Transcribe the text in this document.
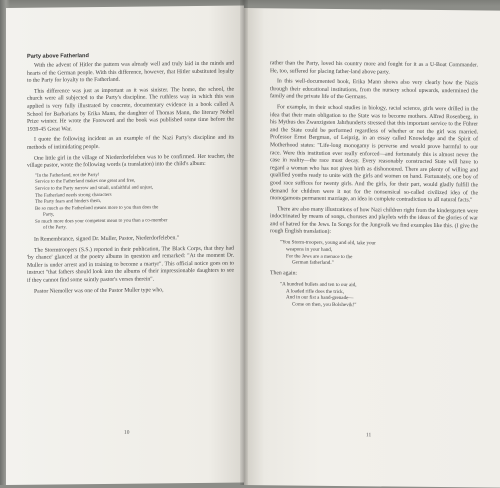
Party above Fatherland

With the advent of Hitler the pattern was already well and truly laid in the minds and hearts of the German people. With this difference, however, that Hitler substituted loyalty to the Party for loyalty to the Fatherland.

This difference was just as important as it was sinister. The home, the school, the church were all subjected to the Party's discipline. The ruthless way in which this was applied is very fully illustrated by concrete, documentary evidence in a book called A School for Barbarians by Erika Mann, the daughter of Thomas Mann, the literary Nobel Prize winner. He wrote the Foreword and the book was published some time before the 1939-45 Great War.

I quote the following incident as an example of the Nazi Party's discipline and its methods of intimidating people.

One little girl in the village of Niederdorfeleben was to be confirmed. Her teacher, the village pastor, wrote the following words (a translation) into the child's album:

"In the Fatherland, not the Party!
Service to the Fatherland makes one great and free,
Service to the Party narrow and small, unfaithful and unjust,
The Fatherland needs strong characters
The Party fears and hinders them,
Be so much as the Fatherland means more to you than does the
Party,
So much more does your competent mean to you than a co-member
of the Party.

In Remembrance, signed Dr. Muller, Pastor, Niederdorfeleben."

The Stormtroopers (S.S.) reported in their publication, The Black Corps, that they had 'by chance' glanced at the poetry albums in question and remarked: "At the moment Dr. Muller is under arrest and in training to become a martyr". This official notice goes on to instruct "that fathers should look into the albums of their impressionable daughters to see if they cannot find some saintly pastor's verses therein".

Pastor Niemoller was one of the Pastor Muller type who,

10

rather than the Party, loved his country more and fought for it as a U-Boat Commander. He, too, suffered for placing father-land above party.

In this well-documented book, Erika Mann shows also very clearly how the Nazis through their educational institutions, from the nursery school upwards, undermined the family and the private life of the Germans.

For example, in their school studies in biology, racial science, girls were drilled in the idea that their main obligation to the State was to become mothers. Alfred Rosenberg, in his Mythus des Zwanzigsten Jahrhunderts stressed that this important service to the Führer and the State could be performed regardless of whether or not the girl was married. Professor Ernst Bergman, of Leipzig, in an essay called Knowledge and the Spirit of Motherhood states: "Life-long monogamy is perverse and would prove harmful to our race. Were this institution ever really enforced—and fortunately this is almost never the case in reality—the race must decay. Every reasonably constructed State will have to regard a woman who has not given birth as dishonoured. There are plenty of willing and qualified youths ready to unite with the girls and women on hand. Fortunately, one boy of good race suffices for twenty girls. And the girls, for their part, would gladly fulfill the demand for children were it not for the nonsensical so-called civilized idea of the monogamous permanent marriage, an idea in complete contradiction to all natural facts."

There are also many illustrations of how Nazi children right from the kindergarten were indoctrinated by means of songs, choruses and playlets with the ideas of the glories of war and of hatred for the Jews. In Songs for the Jungvolk we find examples like this. (I give the rough English translation):

"You Storm-troopers, young and old, take your
weapons in your hand,
For the Jews are a menace to the
German fatherland."

Then again:

"A hundred bullets and ten to our aid,
A loaded rifle does the trick,
And in our fist a hand-grenade—
Come on then, you Bolshevik!"
11
